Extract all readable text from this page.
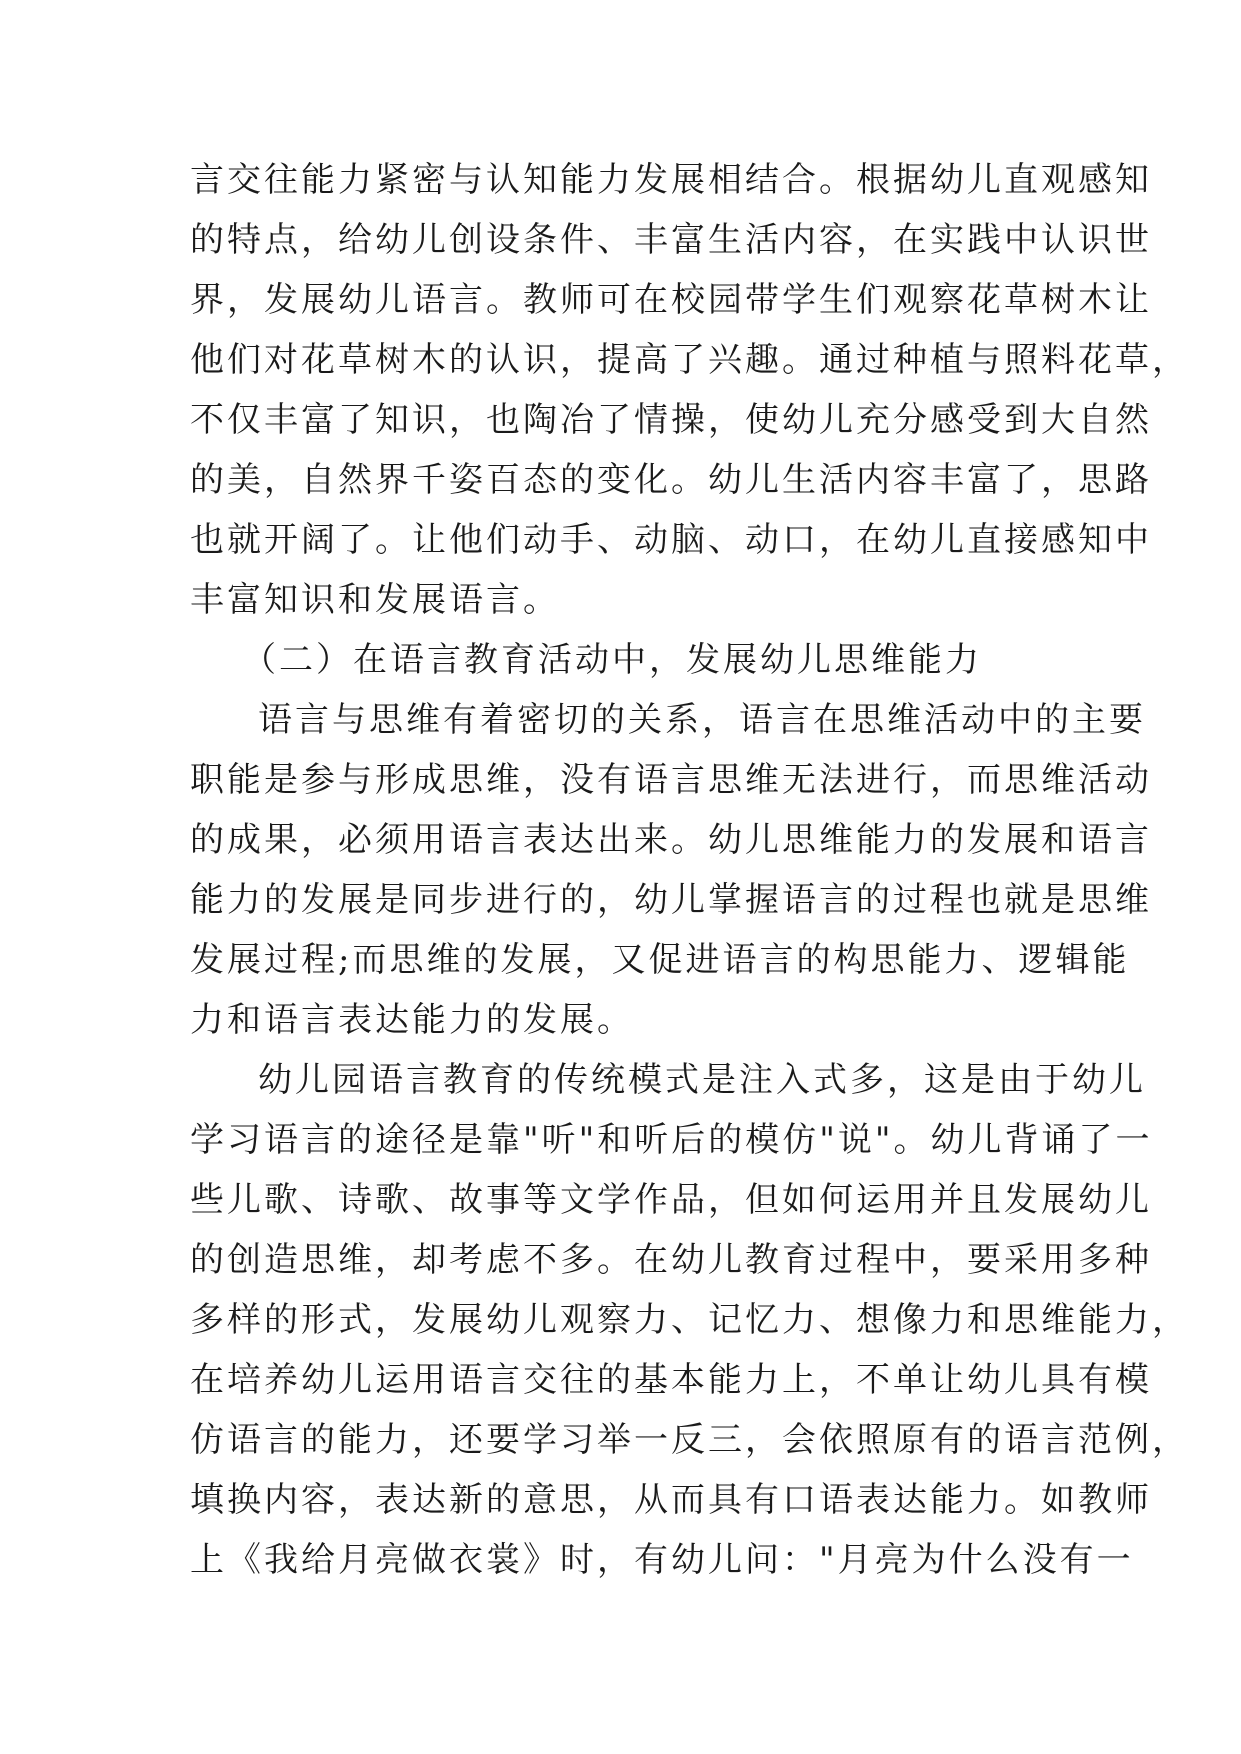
言交往能力紧密与认知能力发展相结合。根据幼儿直观感知
的特点，给幼儿创设条件、丰富生活内容，在实践中认识世
界，发展幼儿语言。教师可在校园带学生们观察花草树木让
他们对花草树木的认识，提高了兴趣。通过种植与照料花草，
不仅丰富了知识，也陶冶了情操，使幼儿充分感受到大自然
的美，自然界千姿百态的变化。幼儿生活内容丰富了，思路
也就开阔了。让他们动手、动脑、动口，在幼儿直接感知中
丰富知识和发展语言。
（二）在语言教育活动中，发展幼儿思维能力
语言与思维有着密切的关系，语言在思维活动中的主要
职能是参与形成思维，没有语言思维无法进行，而思维活动
的成果，必须用语言表达出来。幼儿思维能力的发展和语言
能力的发展是同步进行的，幼儿掌握语言的过程也就是思维
发展过程;而思维的发展，又促进语言的构思能力、逻辑能
力和语言表达能力的发展。
幼儿园语言教育的传统模式是注入式多，这是由于幼儿
学习语言的途径是靠"听"和听后的模仿"说"。幼儿背诵了一
些儿歌、诗歌、故事等文学作品，但如何运用并且发展幼儿
的创造思维，却考虑不多。在幼儿教育过程中，要采用多种
多样的形式，发展幼儿观察力、记忆力、想像力和思维能力，
在培养幼儿运用语言交往的基本能力上，不单让幼儿具有模
仿语言的能力，还要学习举一反三，会依照原有的语言范例，
填换内容，表达新的意思，从而具有口语表达能力。如教师
上《我给月亮做衣裳》时，有幼儿问："月亮为什么没有一
